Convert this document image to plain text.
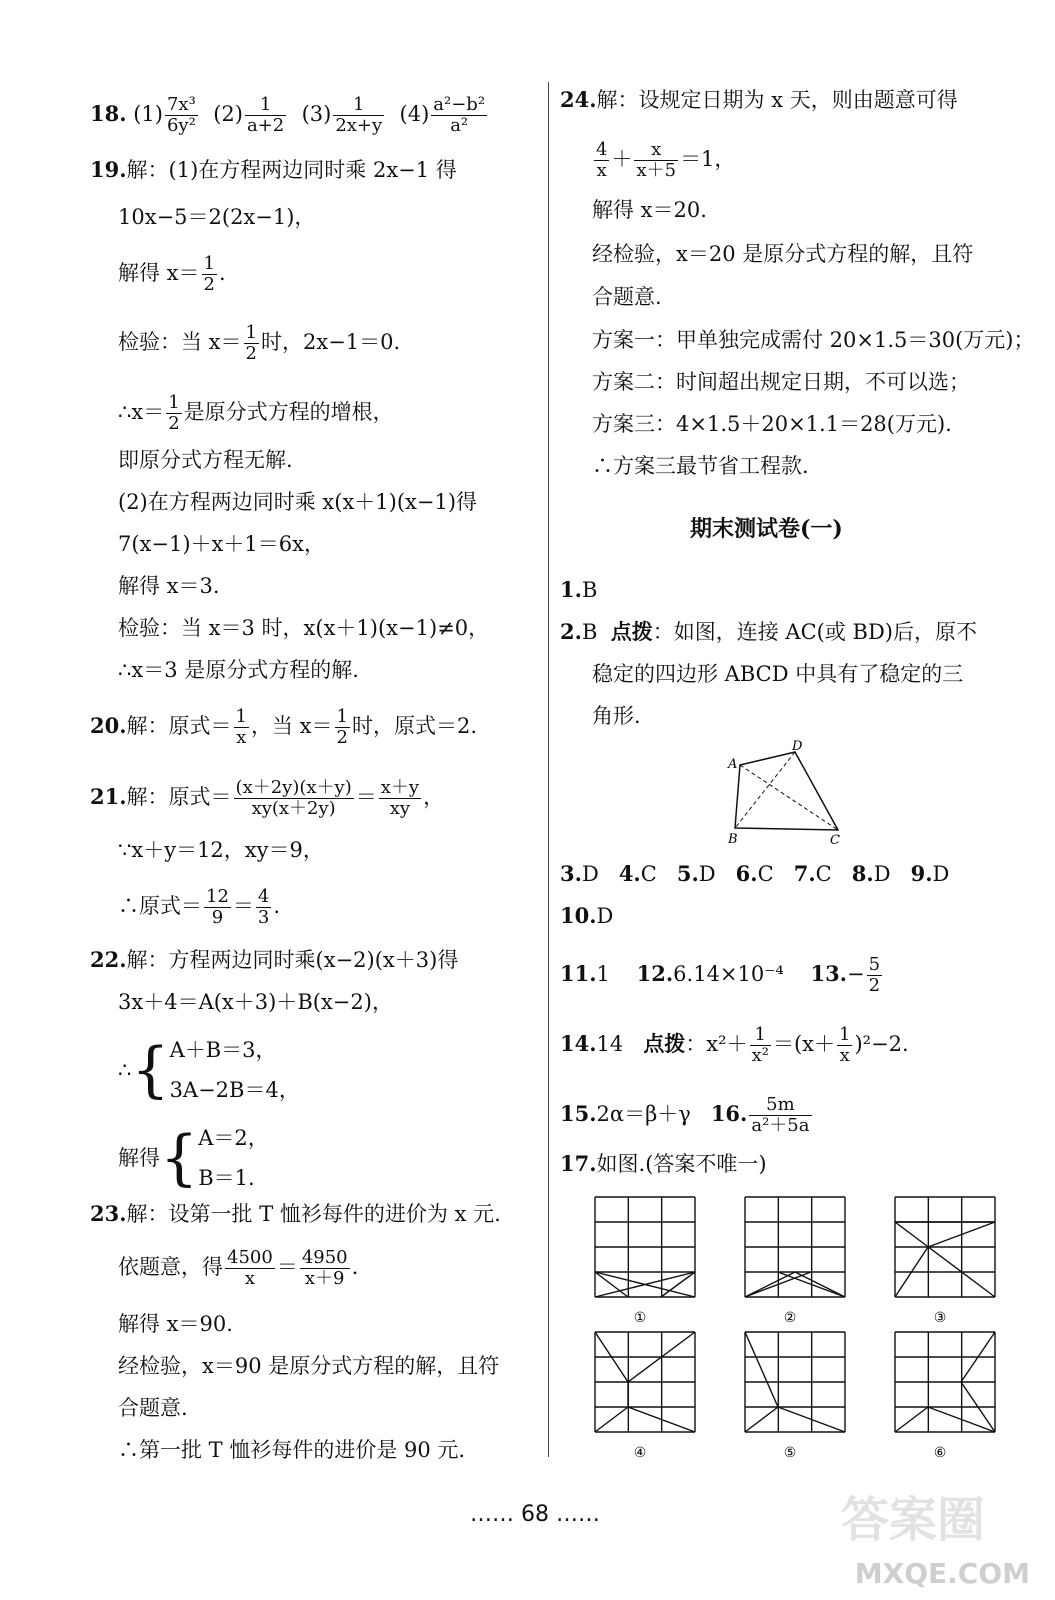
18. $(1) \frac{\text{7x³}}{\text{6y²}} (2) \frac{1}{a+2} (3) \frac{1}{2x+y} (4) \frac{\text{a²−b²}}{\text{a²}}$
19.解：(1)在方程两边同时乘 2x−1 得
10x−5＝2(2x−1)，
解得 $x= \frac{1}{2}$ .
检验：当 $x= \frac{1}{2}$ 时，2x−1＝0.
∴x＝ $\frac{1}{2}$ 是原分式方程的增根，
即原分式方程无解.
(2)在方程两边同时乘 x(x＋1)(x−1)得
7(x−1)＋x＋1＝6x，
解得 x＝3.
检验：当 x＝3 时，x(x＋1)(x−1)≠0，
∴x＝3 是原分式方程的解.
20.解：原式＝ $\frac{1}{x}$ ，当 $x= \frac{1}{2}$ 时，原式＝2.
21.解：原式＝ $\frac{(x+2y)(x+y)}{xy(x+2y)} = \frac{x+y}{xy}$ ，
∵x＋y＝12，xy＝9，
∴原式＝ $\frac{12}{9} = \frac{4}{3}$ .
22.解：方程两边同时乘(x−2)(x＋3)得
3x＋4＝A(x＋3)＋B(x−2)，
∴{ A＋B＝3，
3A−2B＝4，
解得{ A＝2，
B＝1.
23.解：设第一批 T 恤衫每件的进价为 x 元.
依题意，得 $\frac{4500}{x} = \frac{4950}{x+9}$ .
解得 x＝90.
经检验，x＝90 是原分式方程的解，且符
合题意.
∴第一批 T 恤衫每件的进价是 90 元.
24.解：设规定日期为 x 天，则由题意可得
$\frac{4}{x} + \frac{x}{x+5} =1$，
解得 x＝20.
经检验，x＝20 是原分式方程的解，且符
合题意.
方案一：甲单独完成需付 20×1.5＝30(万元)；
方案二：时间超出规定日期，不可以选；
方案三：4×1.5＋20×1.1＝28(万元).
∴方案三最节省工程款.
期末测试卷(一)
1.B
2.B 点拨：如图，连接 AC(或 BD)后，原不
稳定的四边形 ABCD 中具有了稳定的三
角形.
A
D
B	C
3.D 4.C 5.D 6.C 7.C 8.D 9.D
10.D
11.1 12.6.14×10⁻⁴ $13.- \frac{5}{2}$
14.14 点拨：$x^2+ \frac{1}{\text{x²}} =(x+ \frac{1}{x} )^2-2$.
15.2α＝β＋γ 16. $\frac{5m}{\text{a²＋5a}}$
17.如图.(答案不唯一)
①	②	③
④	⑤	⑥
…… 68 ……	答案圈
MXQE.COM
